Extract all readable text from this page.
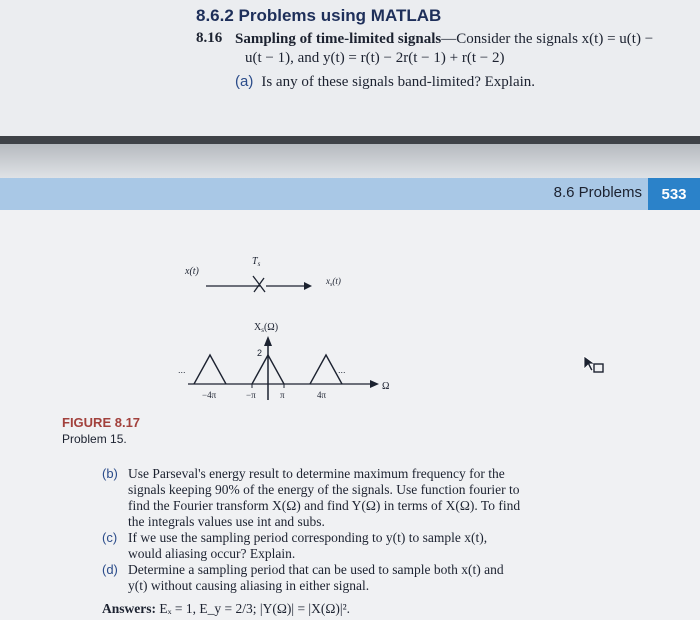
8.6.2 Problems using MATLAB
8.16 Sampling of time-limited signals—Consider the signals x(t) = u(t) −
u(t − 1), and y(t) = r(t) − 2r(t − 1) + r(t − 2)
(a) Is any of these signals band-limited? Explain.
8.6 Problems	533
x(t)
$T_s$
$x_s(t)$
$X_s(\Omega)$
2
Ω
...	...
−4π	−π	π	4π
FIGURE 8.17
Problem 15.
(b) Use Parseval's energy result to determine maximum frequency for the signals keeping 90% of the energy of the signals. Use function fourier to find the Fourier transform X(Ω) and find Y(Ω) in terms of X(Ω). To find the integrals values use int and subs.
(c) If we use the sampling period corresponding to y(t) to sample x(t), would aliasing occur? Explain.
(d) Determine a sampling period that can be used to sample both x(t) and y(t) without causing aliasing in either signal.
Answers: Eₓ = 1, E_y = 2/3; |Y(Ω)| = |X(Ω)|².
